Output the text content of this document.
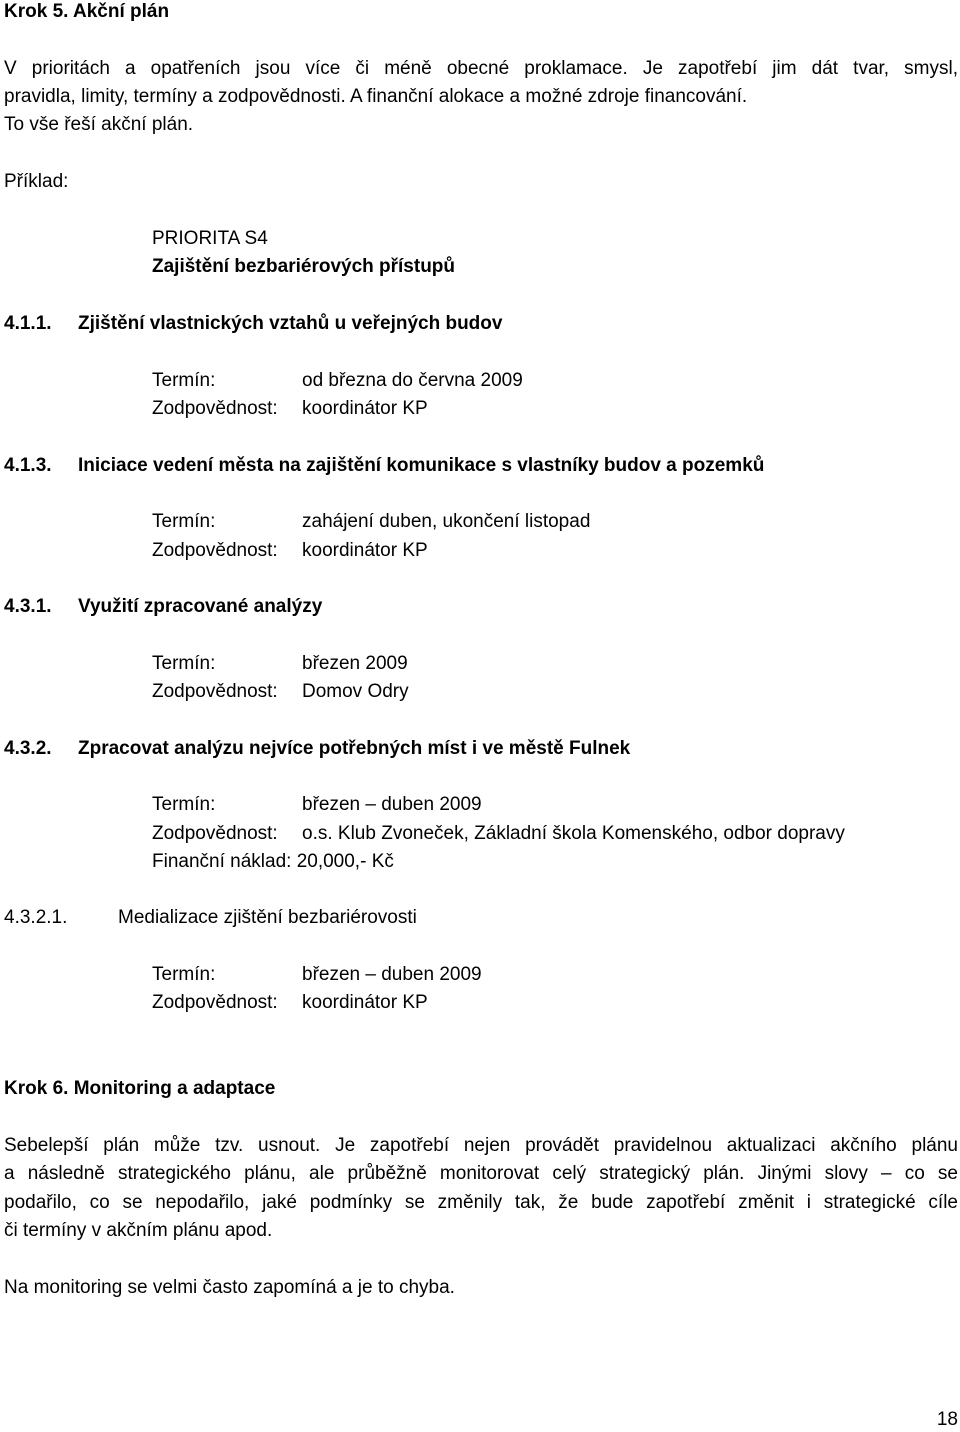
Krok 5. Akční plán
V prioritách a opatřeních jsou více či méně obecné proklamace. Je zapotřebí jim dát tvar, smysl,
pravidla, limity, termíny a zodpovědnosti. A finanční alokace a možné zdroje financování.
To vše řeší akční plán.
Příklad:
PRIORITA S4
Zajištění bezbariérových přístupů
4.1.1. Zjištění vlastnických vztahů u veřejných budov
Termín:	od března do června 2009
Zodpovědnost: koordinátor KP
4.1.3. Iniciace vedení města na zajištění komunikace s vlastníky budov a pozemků
Termín:	zahájení duben, ukončení listopad
Zodpovědnost: koordinátor KP
4.3.1. Využití zpracované analýzy
Termín:	březen 2009
Zodpovědnost: Domov Odry
4.3.2. Zpracovat analýzu nejvíce potřebných míst i ve městě Fulnek
Termín:	březen – duben 2009
Zodpovědnost: o.s. Klub Zvoneček, Základní škola Komenského, odbor dopravy
Finanční náklad: 20,000,- Kč
4.3.2.1.	Medializace zjištění bezbariérovosti
Termín:	březen – duben 2009
Zodpovědnost: koordinátor KP
Krok 6. Monitoring a adaptace
Sebelepší plán může tzv. usnout. Je zapotřebí nejen provádět pravidelnou aktualizaci akčního plánu
a následně strategického plánu, ale průběžně monitorovat celý strategický plán. Jinými slovy – co se
podařilo, co se nepodařilo, jaké podmínky se změnily tak, že bude zapotřebí změnit i strategické cíle
či termíny v akčním plánu apod.
Na monitoring se velmi často zapomíná a je to chyba.
18
